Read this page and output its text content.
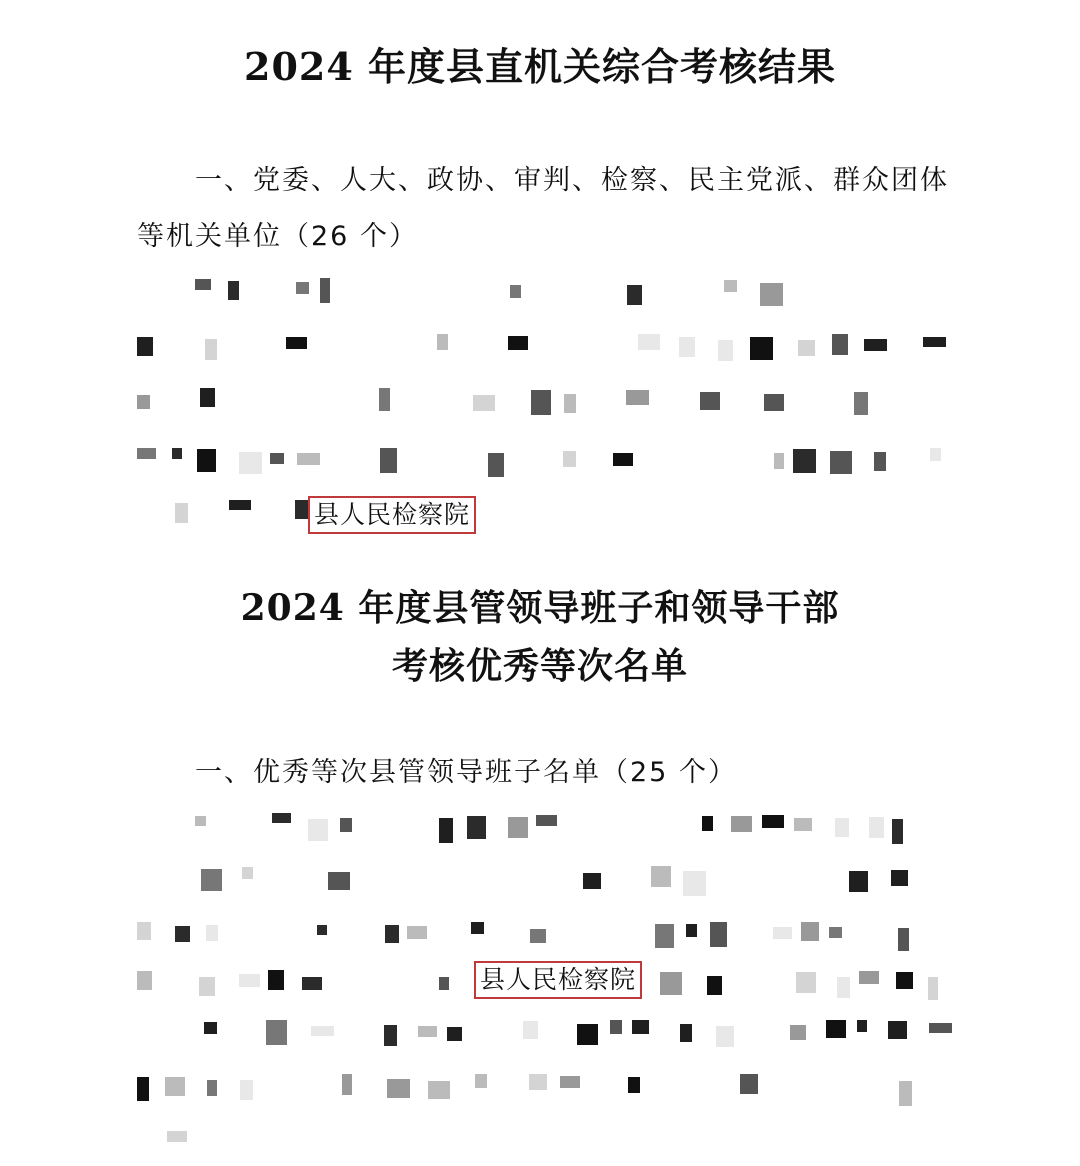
2024 年度县直机关综合考核结果
一、党委、人大、政协、审判、检察、民主党派、群众团体
等机关单位（26 个）
县人民检察院
2024 年度县管领导班子和领导干部
考核优秀等次名单
一、优秀等次县管领导班子名单（25 个）
县人民检察院
